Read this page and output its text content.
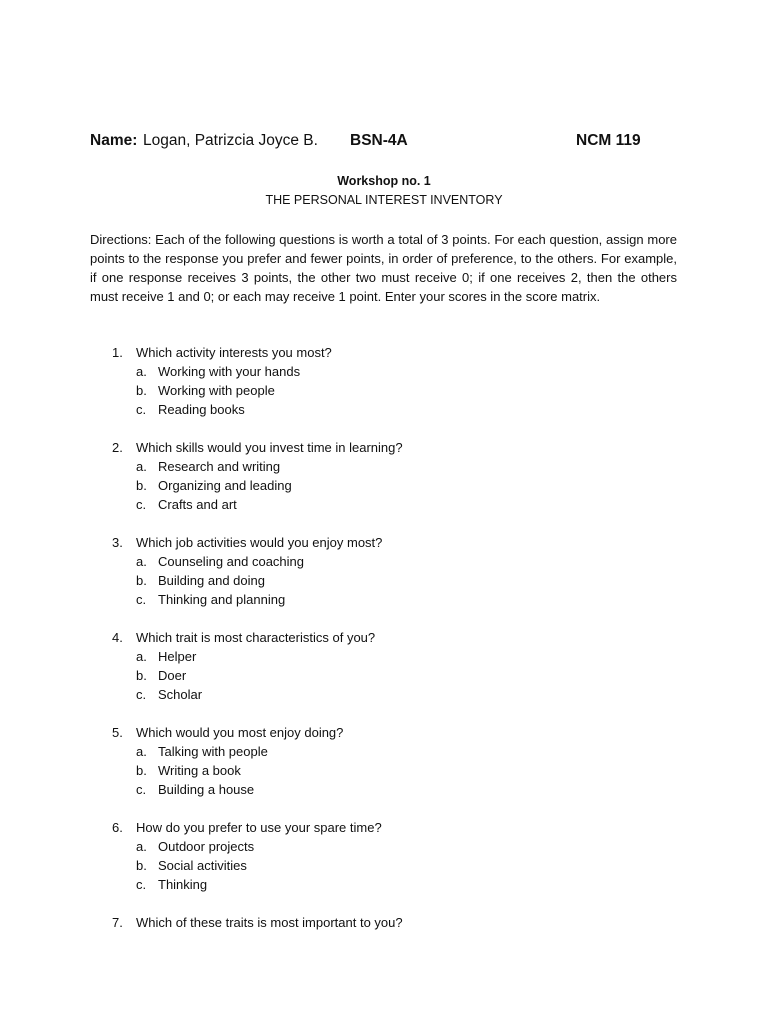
Name: Logan, Patrizcia Joyce B. BSN-4A	NCM 119
Workshop no. 1
THE PERSONAL INTEREST INVENTORY
Directions: Each of the following questions is worth a total of 3 points. For each question, assign more points to the response you prefer and fewer points, in order of preference, to the others. For example, if one response receives 3 points, the other two must receive 0; if one receives 2, then the others must receive 1 and 0; or each may receive 1 point. Enter your scores in the score matrix.
1.	Which activity interests you most?
a. Working with your hands
b. Working with people
c. Reading books
2.	Which skills would you invest time in learning?
a. Research and writing
b. Organizing and leading
c. Crafts and art
3.	Which job activities would you enjoy most?
a. Counseling and coaching
b. Building and doing
c. Thinking and planning
4.	Which trait is most characteristics of you?
a. Helper
b. Doer
c. Scholar
5.	Which would you most enjoy doing?
a. Talking with people
b. Writing a book
c. Building a house
6.	How do you prefer to use your spare time?
a. Outdoor projects
b. Social activities
c. Thinking
7.	Which of these traits is most important to you?
